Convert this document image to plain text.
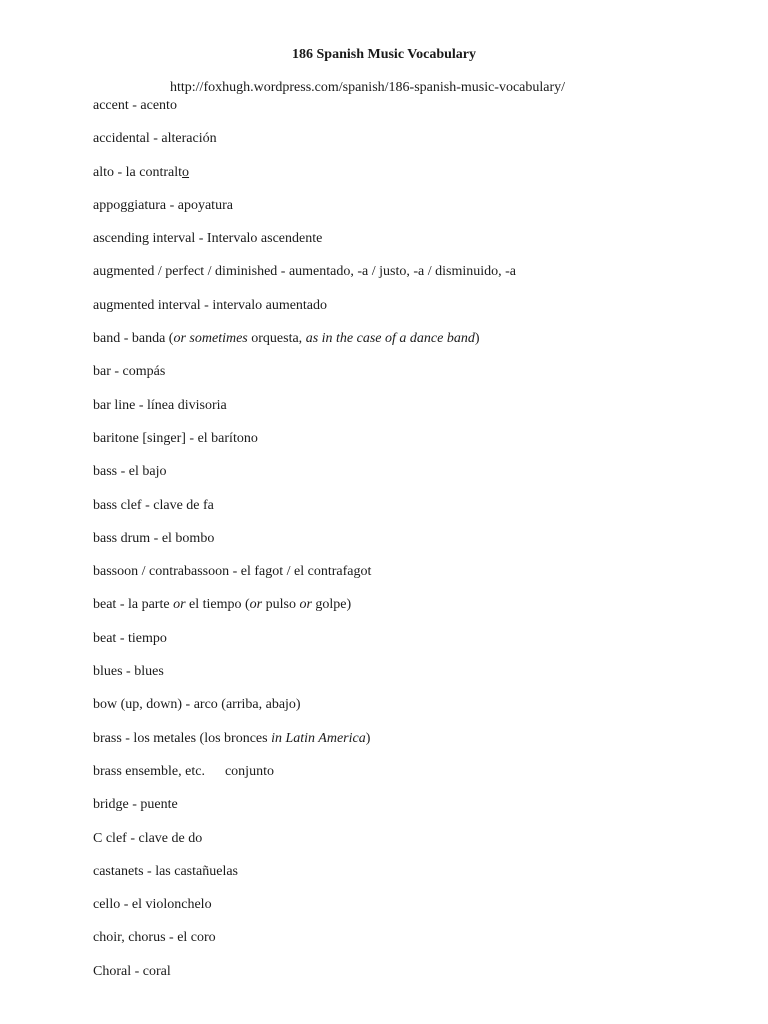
186 Spanish Music Vocabulary
http://foxhugh.wordpress.com/spanish/186-spanish-music-vocabulary/
accent - acento
accidental - alteración
alto - la contralto
appoggiatura - apoyatura
ascending interval - Intervalo ascendente
augmented / perfect / diminished - aumentado, -a / justo, -a / disminuido, -a
augmented interval - intervalo aumentado
band - banda (or sometimes orquesta, as in the case of a dance band)
bar - compás
bar line - línea divisoria
baritone [singer] - el barítono
bass - el bajo
bass clef - clave de fa
bass drum - el bombo
bassoon / contrabassoon - el fagot / el contrafagot
beat - la parte or el tiempo (or pulso or golpe)
beat - tiempo
blues - blues
bow (up, down) - arco (arriba, abajo)
brass - los metales (los bronces in Latin America)
brass ensemble, etc. conjunto
bridge - puente
C clef - clave de do
castanets - las castañuelas
cello - el violonchelo
choir, chorus - el coro
Choral - coral
